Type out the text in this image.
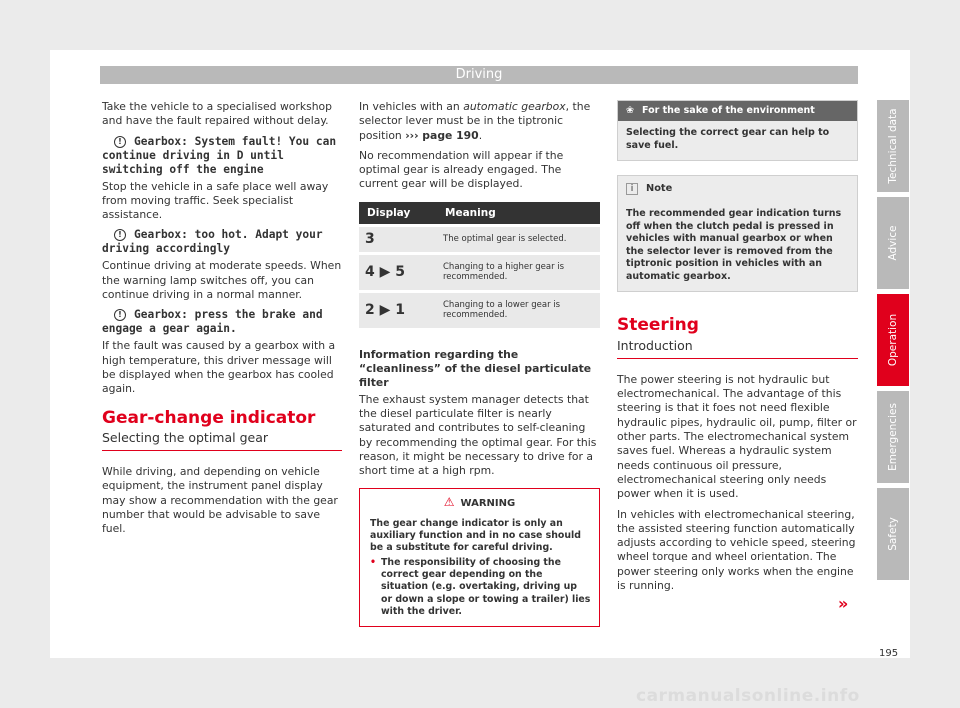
Driving

Take the vehicle to a specialised workshop and have the fault repaired without delay.

! Gearbox: System fault! You can continue driving in D until switching off the engine

Stop the vehicle in a safe place well away from moving traffic. Seek specialist assistance.

! Gearbox: too hot. Adapt your driving accordingly

Continue driving at moderate speeds. When the warning lamp switches off, you can continue driving in a normal manner.

! Gearbox: press the brake and engage a gear again.

If the fault was caused by a gearbox with a high temperature, this driver message will be displayed when the gearbox has cooled again.

Gear-change indicator
Selecting the optimal gear

While driving, and depending on vehicle equipment, the instrument panel display may show a recommendation with the gear number that would be advisable to save fuel.

In vehicles with an automatic gearbox, the selector lever must be in the tiptronic position ››› page 190.

No recommendation will appear if the optimal gear is already engaged. The current gear will be displayed.

Display	Meaning
3	The optimal gear is selected.
4 ▶ 5	Changing to a higher gear is recommended.
2 ▶ 1	Changing to a lower gear is recommended.

Information regarding the “cleanliness” of the diesel particulate filter

The exhaust system manager detects that the diesel particulate filter is nearly saturated and contributes to self-cleaning by recommending the optimal gear. For this reason, it might be necessary to drive for a short time at a high rpm.

⚠ WARNING

The gear change indicator is only an auxiliary function and in no case should be a substitute for careful driving.

• The responsibility of choosing the correct gear depending on the situation (e.g. overtaking, driving up or down a slope or towing a trailer) lies with the driver.
❀ For the sake of the environment
Selecting the correct gear can help to save fuel.
i Note
The recommended gear indication turns off when the clutch pedal is pressed in vehicles with manual gearbox or when the selector lever is removed from the tiptronic position in vehicles with an automatic gearbox.
Steering
Introduction

The power steering is not hydraulic but electromechanical. The advantage of this steering is that it foes not need flexible hydraulic pipes, hydraulic oil, pump, filter or other parts. The electromechanical system saves fuel. Whereas a hydraulic system needs continuous oil pressure, electromechanical steering only needs power when it is used.

In vehicles with electromechanical steering, the assisted steering function automatically adjusts according to vehicle speed, steering wheel torque and wheel orientation. The power steering only works when the engine is running.

»
Technical data
Advice
Operation
Emergencies
Safety
195
carmanualsonline.info
